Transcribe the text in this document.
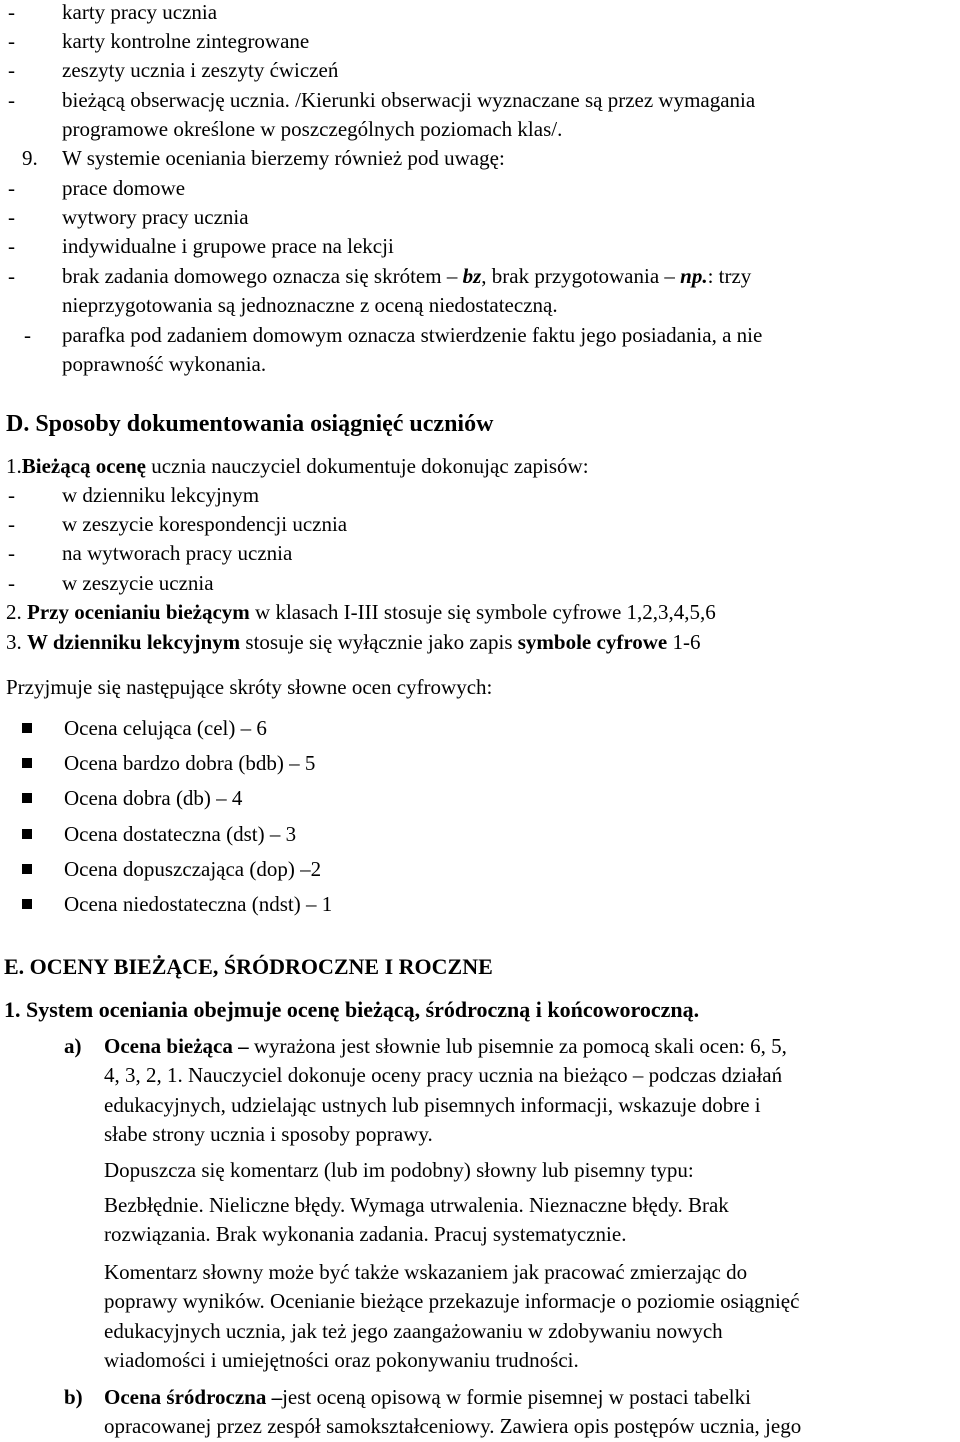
- karty pracy ucznia
- karty kontrolne zintegrowane
- zeszyty ucznia i zeszyty ćwiczeń
- bieżącą obserwację ucznia. /Kierunki obserwacji wyznaczane są przez wymagania
programowe określone w poszczególnych poziomach klas/.
9. W systemie oceniania bierzemy również pod uwagę:
- prace domowe
- wytwory pracy ucznia
- indywidualne i grupowe prace na lekcji
- brak zadania domowego oznacza się skrótem – bz, brak przygotowania – np.: trzy
nieprzygotowania są jednoznaczne z oceną niedostateczną.
- parafka pod zadaniem domowym oznacza stwierdzenie faktu jego posiadania, a nie
poprawność wykonania.
D. Sposoby dokumentowania osiągnięć uczniów
1.Bieżącą ocenę ucznia nauczyciel dokumentuje dokonując zapisów:
- w dzienniku lekcyjnym
- w zeszycie korespondencji ucznia
- na wytworach pracy ucznia
- w zeszycie ucznia
2. Przy ocenianiu bieżącym w klasach I-III stosuje się symbole cyfrowe 1,2,3,4,5,6
3. W dzienniku lekcyjnym stosuje się wyłącznie jako zapis symbole cyfrowe 1-6
Przyjmuje się następujące skróty słowne ocen cyfrowych:
Ocena celująca (cel) – 6
Ocena bardzo dobra (bdb) – 5
Ocena dobra (db) – 4
Ocena dostateczna (dst) – 3
Ocena dopuszczająca (dop) –2
Ocena niedostateczna (ndst) – 1
E. OCENY BIEŻĄCE, ŚRÓDROCZNE I ROCZNE
1. System oceniania obejmuje ocenę bieżącą, śródroczną i końcoworoczną.
a) Ocena bieżąca – wyrażona jest słownie lub pisemnie za pomocą skali ocen: 6, 5,
4, 3, 2, 1. Nauczyciel dokonuje oceny pracy ucznia na bieżąco – podczas działań
edukacyjnych, udzielając ustnych lub pisemnych informacji, wskazuje dobre i
słabe strony ucznia i sposoby poprawy.
Dopuszcza się komentarz (lub im podobny) słowny lub pisemny typu:
Bezbłędnie. Nieliczne błędy. Wymaga utrwalenia. Nieznaczne błędy. Brak
rozwiązania. Brak wykonania zadania. Pracuj systematycznie.
Komentarz słowny może być także wskazaniem jak pracować zmierzając do
poprawy wyników. Ocenianie bieżące przekazuje informacje o poziomie osiągnięć
edukacyjnych ucznia, jak też jego zaangażowaniu w zdobywaniu nowych
wiadomości i umiejętności oraz pokonywaniu trudności.
b) Ocena śródroczna –jest oceną opisową w formie pisemnej w postaci tabelki
opracowanej przez zespół samokształceniowy. Zawiera opis postępów ucznia, jego
